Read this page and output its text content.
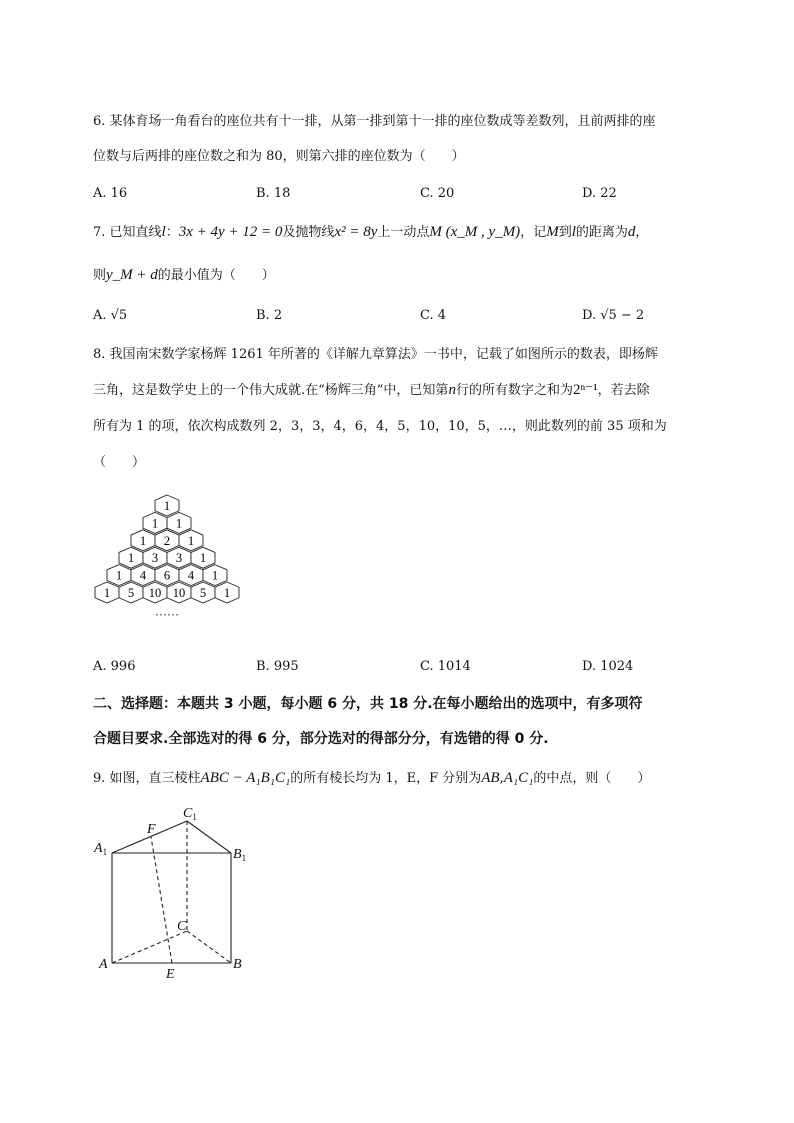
6. 某体育场一角看台的座位共有十一排，从第一排到第十一排的座位数成等差数列，且前两排的座
位数与后两排的座位数之和为 80，则第六排的座位数为（　　）
A. 16	B. 18	C. 20	D. 22
7. 已知直线l：3x + 4y + 12 = 0及抛物线x² = 8y上一动点M (x_M , y_M)，记M到l的距离为d，
则y_M + d的最小值为（　　）
A. √5	B. 2	C. 4	D. √5 − 2
8. 我国南宋数学家杨辉 1261 年所著的《详解九章算法》一书中，记载了如图所示的数表，即杨辉
三角，这是数学史上的一个伟大成就.在“杨辉三角”中，已知第n行的所有数字之和为2ⁿ⁻¹，若去除
所有为 1 的项，依次构成数列 2，3，3，4，6，4，5，10，10，5，…，则此数列的前 35 项和为
（　　）
1
1 1
1 2 1
1 3 3 1
1 4 6 4 1
1 5 10 10 5 1
……
A. 996	B. 995	C. 1014	D. 1024
二、选择题：本题共 3 小题，每小题 6 分，共 18 分.在每小题给出的选项中，有多项符
合题目要求.全部选对的得 6 分，部分选对的得部分分，有选错的得 0 分.
9. 如图，直三棱柱ABC − A₁B₁C₁的所有棱长均为 1，E，F 分别为AB,A₁C₁的中点，则（　　）
$A_1$	$B_1$
$C_1$
F
C
A	B
E
